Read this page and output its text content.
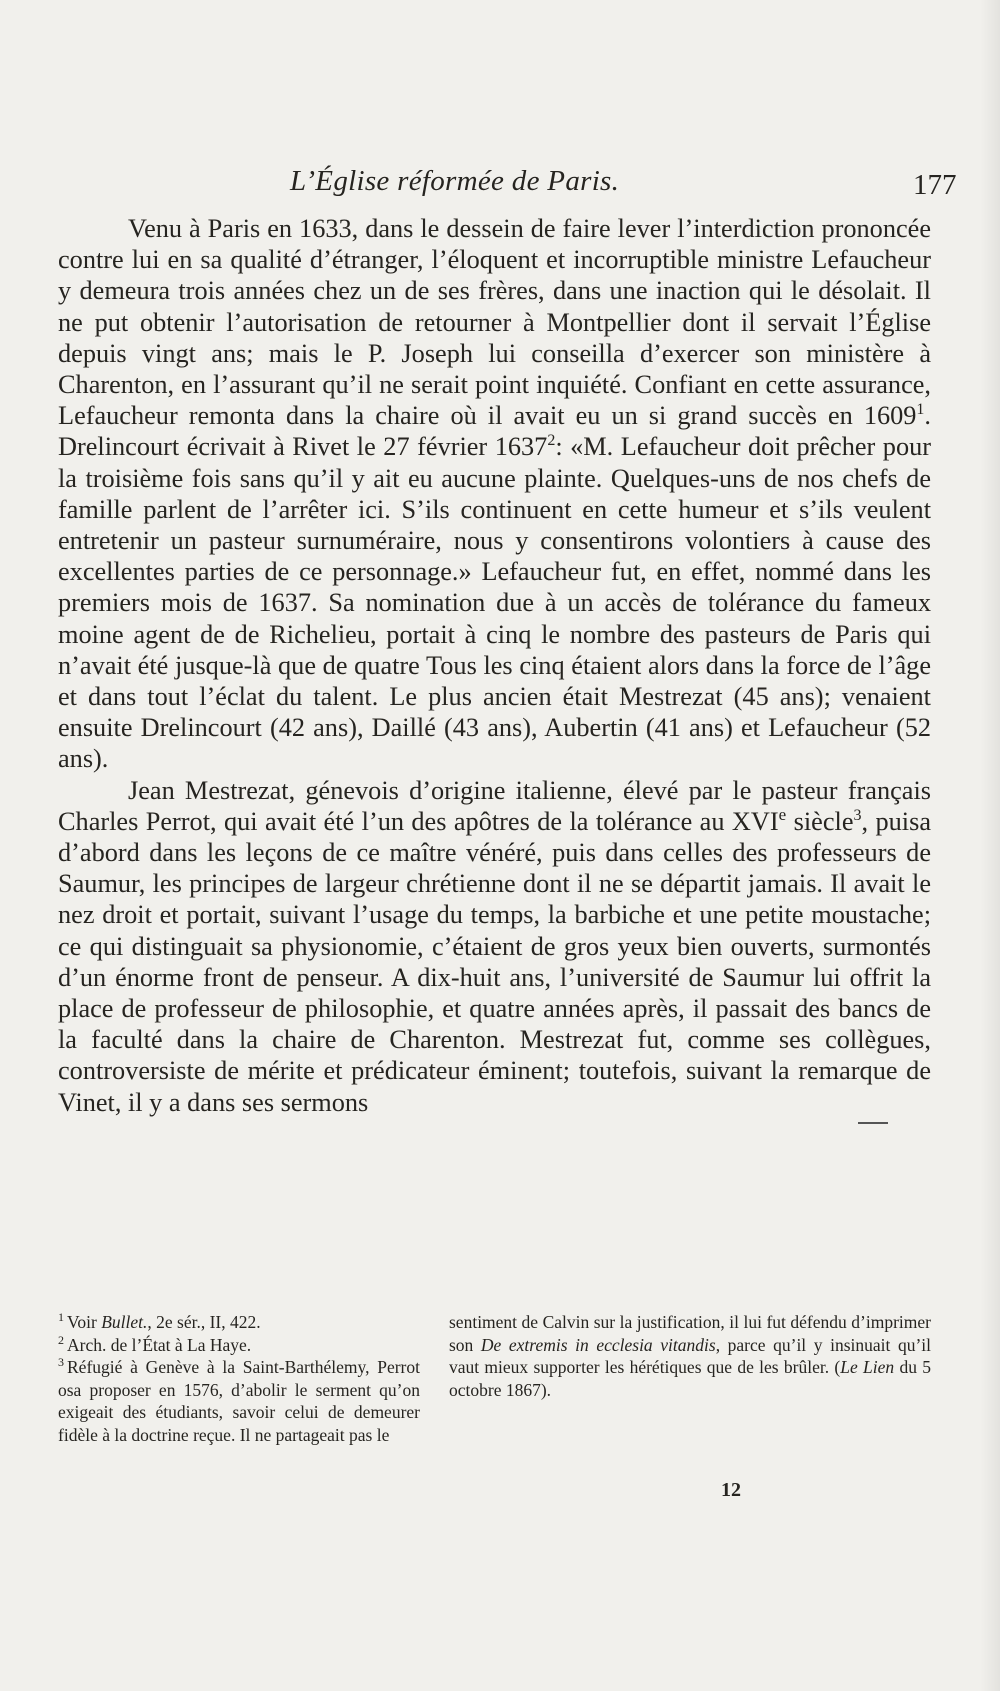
L’Église réformée de Paris.	177

Venu à Paris en 1633, dans le dessein de faire lever l’interdiction prononcée contre lui en sa qualité d’étranger, l’éloquent et incorruptible ministre Lefaucheur y demeura trois années chez un de ses frères, dans une inaction qui le désolait. Il ne put obtenir l’autorisation de retourner à Montpellier dont il servait l’Église depuis vingt ans; mais le P. Joseph lui conseilla d’exercer son ministère à Charenton, en l’assurant qu’il ne serait point inquiété. Confiant en cette assurance, Lefaucheur remonta dans la chaire où il avait eu un si grand succès en 1609$^1$. Drelincourt écrivait à Rivet le 27 février 1637$^2$: «M. Lefaucheur doit prêcher pour la troisième fois sans qu’il y ait eu aucune plainte. Quelques-uns de nos chefs de famille parlent de l’arrêter ici. S’ils continuent en cette humeur et s’ils veulent entretenir un pasteur surnuméraire, nous y consentirons volontiers à cause des excellentes parties de ce personnage.» Lefaucheur fut, en effet, nommé dans les premiers mois de 1637. Sa nomination due à un accès de tolérance du fameux moine agent de de Richelieu, portait à cinq le nombre des pasteurs de Paris qui n’avait été jusque-là que de quatre Tous les cinq étaient alors dans la force de l’âge et dans tout l’éclat du talent. Le plus ancien était Mestrezat (45 ans); venaient ensuite Drelincourt (42 ans), Daillé (43 ans), Aubertin (41 ans) et Lefaucheur (52 ans).

Jean Mestrezat, génevois d’origine italienne, élevé par le pasteur français Charles Perrot, qui avait été l’un des apôtres de la tolérance au XVIe siècle$^3$, puisa d’abord dans les leçons de ce maître vénéré, puis dans celles des professeurs de Saumur, les principes de largeur chrétienne dont il ne se départit jamais. Il avait le nez droit et portait, suivant l’usage du temps, la barbiche et une petite moustache; ce qui distinguait sa physionomie, c’étaient de gros yeux bien ouverts, surmontés d’un énorme front de penseur. A dix-huit ans, l’université de Saumur lui offrit la place de professeur de philosophie, et quatre années après, il passait des bancs de la faculté dans la chaire de Charenton. Mestrezat fut, comme ses collègues, controversiste de mérite et prédicateur éminent; toutefois, suivant la remarque de Vinet, il y a dans ses sermons

$^1$ Voir Bullet., 2e sér., II, 422.

$^2$ Arch. de l’État à La Haye.

$^3$ Réfugié à Genève à la Saint-Barthélemy, Perrot osa proposer en 1576, d’abolir le serment qu’on exigeait des étudiants, savoir celui de demeurer fidèle à la doctrine reçue. Il ne partageait pas le

sentiment de Calvin sur la justification, il lui fut défendu d’imprimer son De extremis in ecclesia vitandis, parce qu’il y insinuait qu’il vaut mieux supporter les hérétiques que de les brûler. (Le Lien du 5 octobre 1867).

12
